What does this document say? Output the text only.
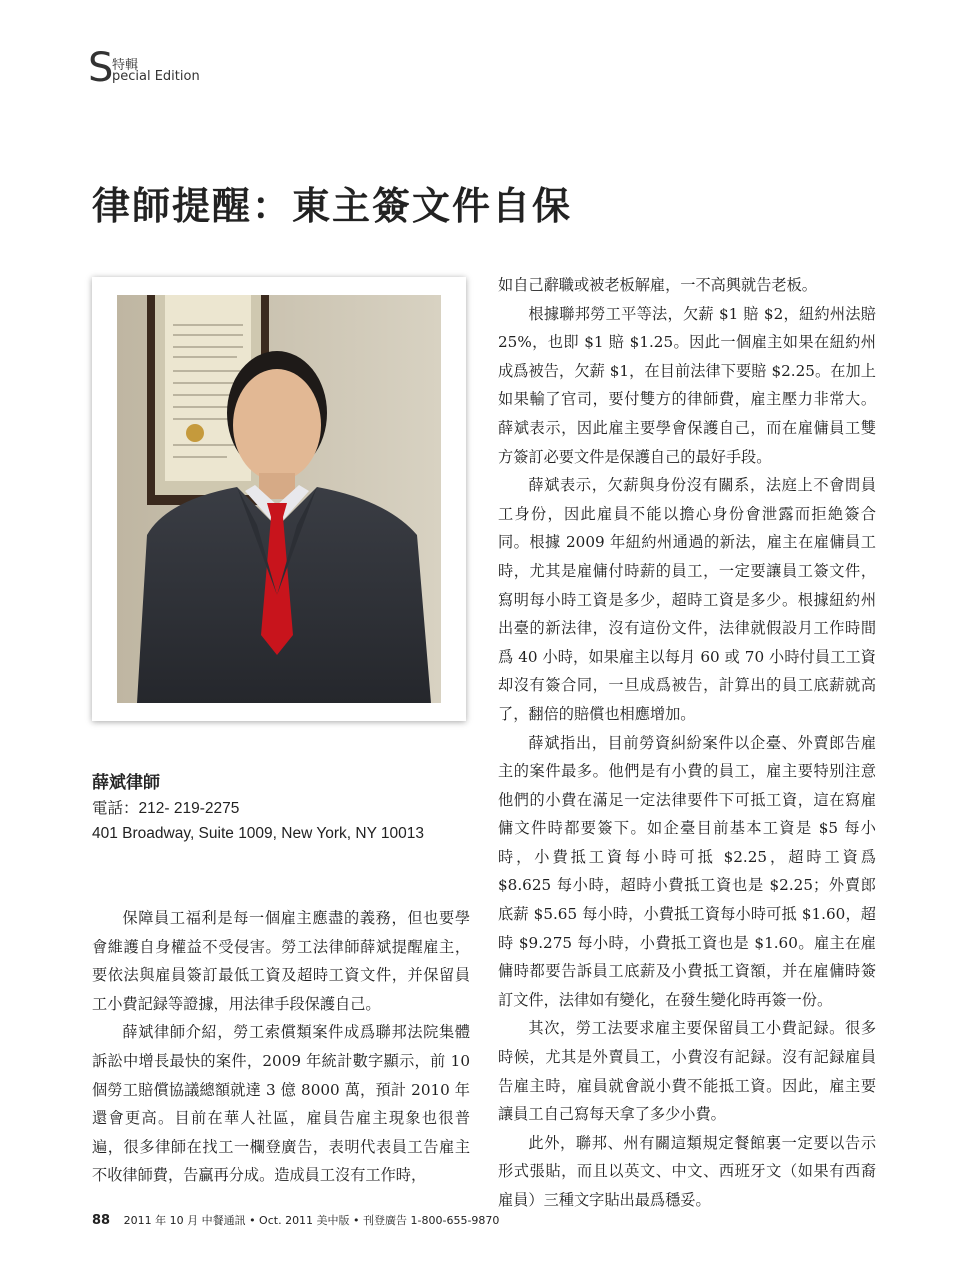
S
特輯
pecial Edition
律師提醒：東主簽文件自保
薛斌律師
電話：212- 219-2275
401 Broadway, Suite 1009, New York, NY 10013

保障員工福利是每一個雇主應盡的義務，但也要學會維護自身權益不受侵害。勞工法律師薛斌提醒雇主，要依法與雇員簽訂最低工資及超時工資文件，并保留員工小費記録等證據，用法律手段保護自己。

薛斌律師介紹，勞工索償類案件成爲聯邦法院集體訴訟中增長最快的案件，2009 年統計數字顯示，前 10 個勞工賠償協議總額就達 3 億 8000 萬，預計 2010 年還會更高。目前在華人社區，雇員告雇主現象也很普遍，很多律師在找工一欄登廣告，表明代表員工告雇主不收律師費，告贏再分成。造成員工沒有工作時，

如自己辭職或被老板解雇，一不高興就告老板。

根據聯邦勞工平等法，欠薪 $1 賠 $2，紐約州法賠 25%，也即 $1 賠 $1.25。因此一個雇主如果在紐約州成爲被告，欠薪 $1，在目前法律下要賠 $2.25。在加上如果輸了官司，要付雙方的律師費，雇主壓力非常大。薛斌表示，因此雇主要學會保護自己，而在雇傭員工雙方簽訂必要文件是保護自己的最好手段。

薛斌表示，欠薪與身份沒有關系，法庭上不會問員工身份，因此雇員不能以擔心身份會泄露而拒絶簽合同。根據 2009 年紐約州通過的新法，雇主在雇傭員工時，尤其是雇傭付時薪的員工，一定要讓員工簽文件，寫明每小時工資是多少，超時工資是多少。根據紐約州出臺的新法律，沒有這份文件，法律就假設月工作時間爲 40 小時，如果雇主以每月 60 或 70 小時付員工工資却沒有簽合同，一旦成爲被告，計算出的員工底薪就高了，翻倍的賠償也相應增加。

薛斌指出，目前勞資糾紛案件以企臺、外賣郎告雇主的案件最多。他們是有小費的員工，雇主要特别注意他們的小費在滿足一定法律要件下可抵工資，這在寫雇傭文件時都要簽下。如企臺目前基本工資是 $5 每小時，小費抵工資每小時可抵 $2.25，超時工資爲 $8.625 每小時，超時小費抵工資也是 $2.25；外賣郎底薪 $5.65 每小時，小費抵工資每小時可抵 $1.60，超時 $9.275 每小時，小費抵工資也是 $1.60。雇主在雇傭時都要告訴員工底薪及小費抵工資額，并在雇傭時簽訂文件，法律如有變化，在發生變化時再簽一份。

其次，勞工法要求雇主要保留員工小費記録。很多時候，尤其是外賣員工，小費沒有記録。沒有記録雇員告雇主時，雇員就會説小費不能抵工資。因此，雇主要讓員工自己寫每天拿了多少小費。

此外，聯邦、州有關這類規定餐館裏一定要以告示形式張貼，而且以英文、中文、西班牙文（如果有西裔雇員）三種文字貼出最爲穩妥。

88 2011 年 10 月 中餐通訊 • Oct. 2011 美中版 • 刊登廣告 1-800-655-9870
